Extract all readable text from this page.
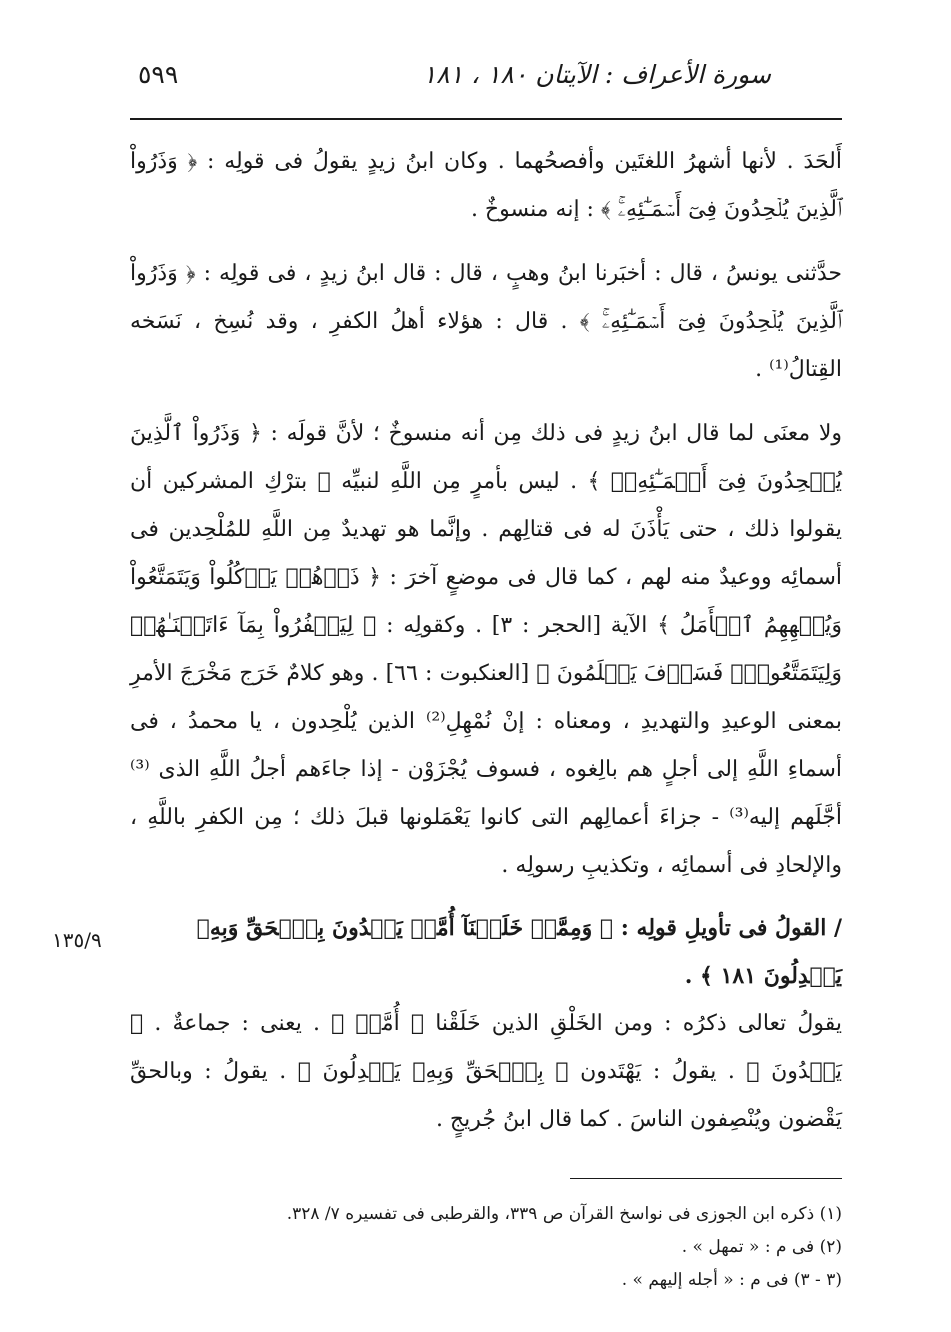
سورة الأعراف : الآيتان ١٨٠ ، ١٨١
٥٩٩

أَلحَدَ . لأنها أشهرُ اللغتَين وأفصحُهما . وكان ابنُ زيدٍ يقولُ فى قولِه : ﴿ وَذَرُواْ ٱلَّذِينَ يُلۡحِدُونَ فِىٓ أَسۡمَـٰٓئِهِۦۚ ﴾ : إنه منسوخٌ .

حدَّثنى يونسُ ، قال : أخبَرنا ابنُ وهبٍ ، قال : قال ابنُ زيدٍ ، فى قولِه : ﴿ وَذَرُواْ ٱلَّذِينَ يُلۡحِدُونَ فِىٓ أَسۡمَـٰٓئِهِۦۚ ﴾ . قال : هؤلاء أهلُ الكفرِ ، وقد نُسِخ ، نَسَخه القِتالُ⁽¹⁾ .

ولا معنَى لما قال ابنُ زيدٍ فى ذلك مِن أنه منسوخٌ ؛ لأنَّ قولَه : ﴿ وَذَرُواْ ٱلَّذِينَ يُلۡحِدُونَ فِىٓ أَسۡمَـٰٓئِهِۦۚ ﴾ . ليس بأمرٍ مِن اللَّهِ لنبيِّه ﷺ بترْكِ المشركين أن يقولوا ذلك ، حتى يَأْذَنَ له فى قتالِهم . وإنَّما هو تهديدٌ مِن اللَّهِ للمُلْحِدين فى أسمائِه ووعيدٌ منه لهم ، كما قال فى موضعٍ آخرَ : ﴿ ذَرۡهُمۡ يَأۡكُلُواْ وَيَتَمَتَّعُواْ وَيُلۡهِهِمُ ٱلۡأَمَلُ ﴾ الآية [الحجر : ٣] . وكقولِه : ﴿ لِيَكۡفُرُواْ بِمَآ ءَاتَيۡنَـٰهُمۡ وَلِيَتَمَتَّعُواْۖ فَسَوۡفَ يَعۡلَمُونَ ﴾ [العنكبوت : ٦٦] . وهو كلامٌ خَرَج مَخْرَجَ الأمرِ بمعنى الوعيدِ والتهديدِ ، ومعناه : إنْ نُمْهِلِ⁽²⁾ الذين يُلْحِدون ، يا محمدُ ، فى أسماءِ اللَّهِ إلى أجلٍ هم بالِغوه ، فسوف يُجْزَوْن - إذا جاءَهم أجلُ اللَّهِ الذى ⁽³⁾أجَّلَهم إليه⁽³⁾ - جزاءَ أعمالِهم التى كانوا يَعْمَلونها قبلَ ذلك ؛ مِن الكفرِ باللَّهِ ، والإلحادِ فى أسمائِه ، وتكذيبِ رسولِه .

/ القولُ فى تأويلِ قولِه : ﴿ وَمِمَّنۡ خَلَقۡنَآ أُمَّةٞ يَهۡدُونَ بِٱلۡحَقِّ وَبِهِۦ يَعۡدِلُونَ ١٨١ ﴾ .

يقولُ تعالى ذكرُه : ومن الخَلْقِ الذين خَلَقْنا ﴿ أُمَّةٞ ﴾ . يعنى : جماعةٌ . ﴿ يَهۡدُونَ ﴾ . يقولُ : يَهْتَدون ﴿ بِٱلۡحَقِّ وَبِهِۦ يَعۡدِلُونَ ﴾ . يقولُ : وبالحقِّ يَقْضون ويُنْصِفون الناسَ . كما قال ابنُ جُريجٍ .

١٣٥/٩

(١) ذكره ابن الجوزى فى نواسخ القرآن ص ٣٣٩، والقرطبى فى تفسيره ٧/ ٣٢٨.

(٢) فى م : « تمهل » .

(٣ - ٣) فى م : « أجله إليهم » .
